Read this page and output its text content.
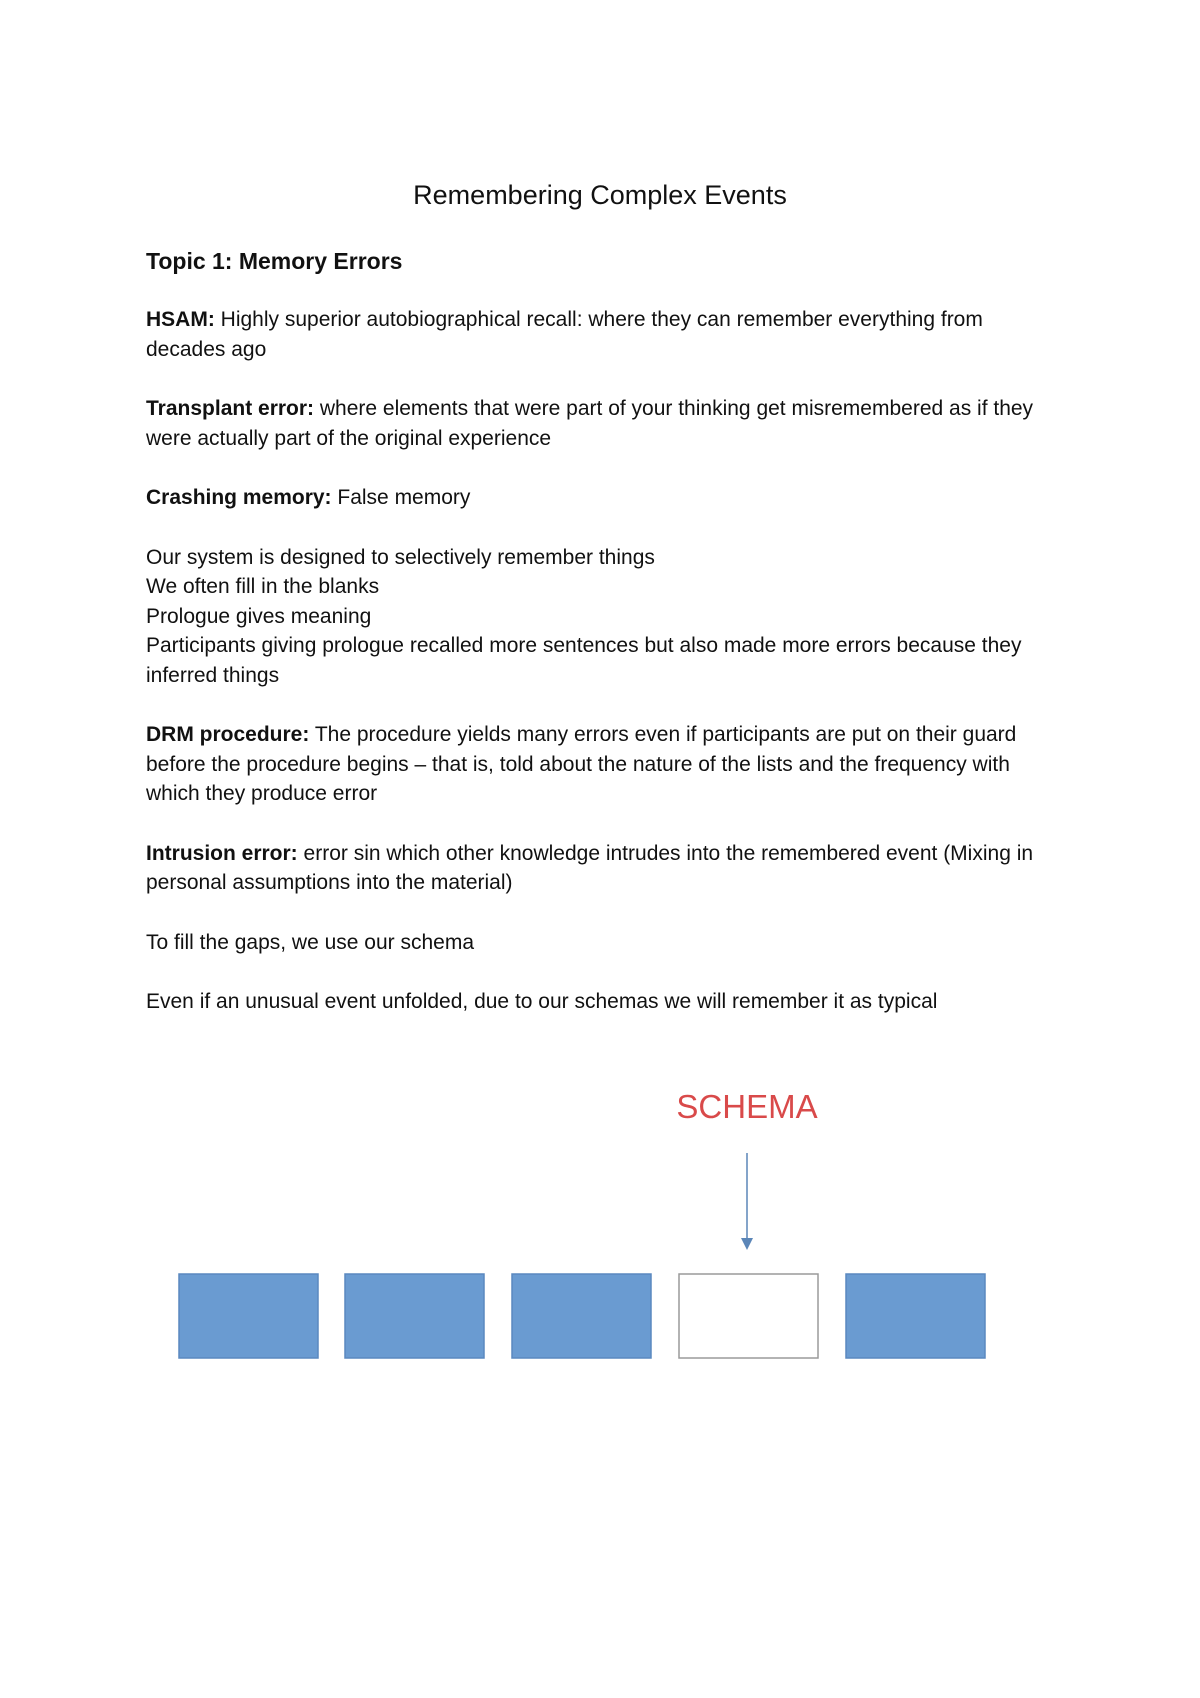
Remembering Complex Events
Topic 1: Memory Errors
HSAM: Highly superior autobiographical recall: where they can remember everything from decades ago
Transplant error: where elements that were part of your thinking get misremembered as if they were actually part of the original experience
Crashing memory: False memory
Our system is designed to selectively remember things
We often fill in the blanks
Prologue gives meaning
Participants giving prologue recalled more sentences but also made more errors because they inferred things
DRM procedure: The procedure yields many errors even if participants are put on their guard before the procedure begins – that is, told about the nature of the lists and the frequency with which they produce error
Intrusion error: error sin which other knowledge intrudes into the remembered event (Mixing in personal assumptions into the material)
To fill the gaps, we use our schema
Even if an unusual event unfolded, due to our schemas we will remember it as typical
SCHEMA
